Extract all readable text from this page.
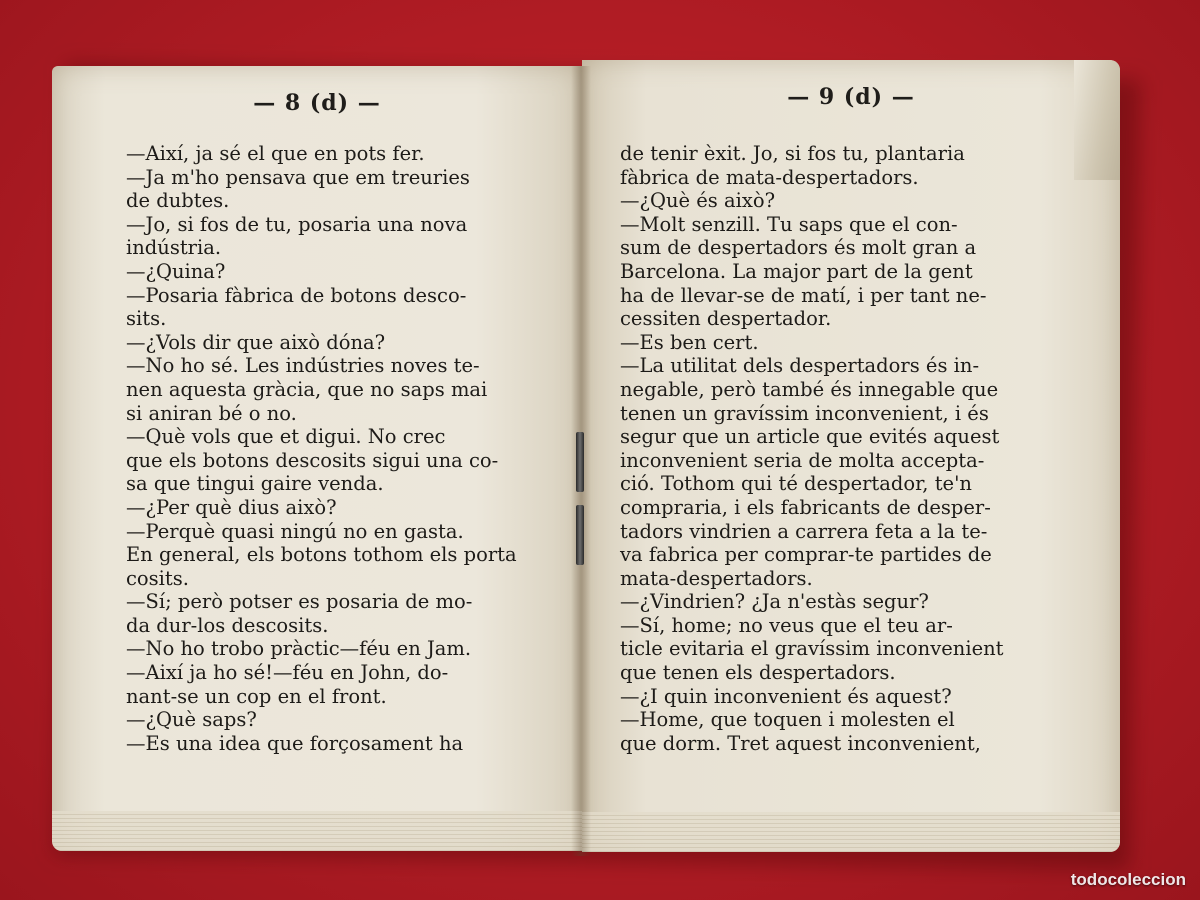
— 8 (d) —
—Així, ja sé el que en pots fer.
—Ja m'ho pensava que em treuries
de dubtes.
—Jo, si fos de tu, posaria una nova
indústria.
—¿Quina?
—Posaria fàbrica de botons desco-
sits.
—¿Vols dir que això dóna?
—No ho sé. Les indústries noves te-
nen aquesta gràcia, que no saps mai
si aniran bé o no.
—Què vols que et digui. No crec
que els botons descosits sigui una co-
sa que tingui gaire venda.
—¿Per què dius això?
—Perquè quasi ningú no en gasta.
En general, els botons tothom els porta
cosits.
—Sí; però potser es posaria de mo-
da dur-los descosits.
—No ho trobo pràctic—féu en Jam.
—Així ja ho sé!—féu en John, do-
nant-se un cop en el front.
—¿Què saps?
—Es una idea que forçosament ha
— 9 (d) —
de tenir èxit. Jo, si fos tu, plantaria
fàbrica de mata-despertadors.
—¿Què és això?
—Molt senzill. Tu saps que el con-
sum de despertadors és molt gran a
Barcelona. La major part de la gent
ha de llevar-se de matí, i per tant ne-
cessiten despertador.
—Es ben cert.
—La utilitat dels despertadors és in-
negable, però també és innegable que
tenen un gravíssim inconvenient, i és
segur que un article que evités aquest
inconvenient seria de molta accepta-
ció. Tothom qui té despertador, te'n
compraria, i els fabricants de desper-
tadors vindrien a carrera feta a la te-
va fabrica per comprar-te partides de
mata-despertadors.
—¿Vindrien? ¿Ja n'estàs segur?
—Sí, home; no veus que el teu ar-
ticle evitaria el gravíssim inconvenient
que tenen els despertadors.
—¿I quin inconvenient és aquest?
—Home, que toquen i molesten el
que dorm. Tret aquest inconvenient,
todocoleccion
